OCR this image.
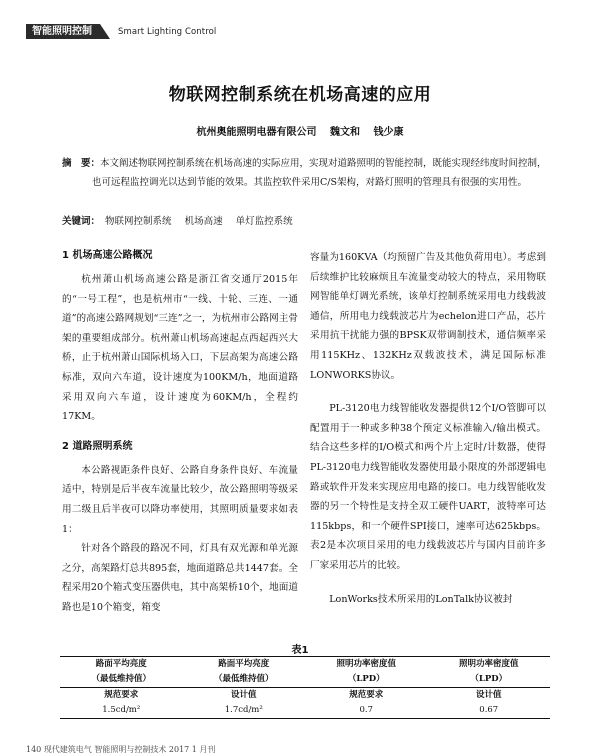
智能照明控制	Smart Lighting Control
物联网控制系统在机场高速的应用
杭州奥能照明电器有限公司 魏文和 钱少康
摘　要：本文阐述物联网控制系统在机场高速的实际应用，实现对道路照明的智能控制，既能实现经纬度时间控制，也可远程监控调光以达到节能的效果。其监控软件采用C/S架构，对路灯照明的管理具有很强的实用性。
关键词： 物联网控制系统 机场高速 单灯监控系统
1 机场高速公路概况

杭州萧山机场高速公路是浙江省交通厅2015年的“一号工程”，也是杭州市“一线、十轮、三连、一通道”的高速公路网规划“三连”之一，为杭州市公路网主骨架的重要组成部分。杭州萧山机场高速起点西起西兴大桥，止于杭州萧山国际机场入口，下层高架为高速公路标准，双向六车道，设计速度为100KM/h，地面道路采用双向六车道，设计速度为60KM/h，全程约17KM。

2 道路照明系统

本公路视距条件良好、公路自身条件良好、车流量适中，特别是后半夜车流量比较少，故公路照明等级采用二级且后半夜可以降功率使用，其照明质量要求如表1：

针对各个路段的路况不同，灯具有双光源和单光源之分，高架路灯总共895套，地面道路总共1447套。全程采用20个箱式变压器供电，其中高架桥10个，地面道路也是10个箱变，箱变

容量为160KVA（均预留广告及其他负荷用电）。考虑到后续维护比较麻烦且车流量变动较大的特点，采用物联网智能单灯调光系统，该单灯控制系统采用电力线载波通信，所用电力线载波芯片为echelon进口产品，芯片采用抗干扰能力强的BPSK双带调制技术，通信频率采用115KHz、132KHz双载波技术，满足国际标准LONWORKS协议。

PL-3120电力线智能收发器提供12个I/O管脚可以配置用于一种或多种38个预定义标准输入/输出模式。结合这些多样的I/O模式和两个片上定时/计数器，使得PL-3120电力线智能收发器使用最小限度的外部逻辑电路或软件开发来实现应用电路的接口。电力线智能收发器的另一个特性是支持全双工硬件UART，波特率可达115kbps，和一个硬件SPI接口，速率可达625kbps。表2是本次项目采用的电力线载波芯片与国内目前许多厂家采用芯片的比较。

LonWorks技术所采用的LonTalk协议被封

表1
路面平均亮度	路面平均亮度	照明功率密度值	照明功率密度值
（最低维持值）	（最低维持值）	（LPD）	（LPD）
规范要求	设计值	规范要求	设计值
1.5cd/m²	1.7cd/m²	0.7	0.67
140 现代建筑电气 智能照明与控制技术 2017 1 月刊
